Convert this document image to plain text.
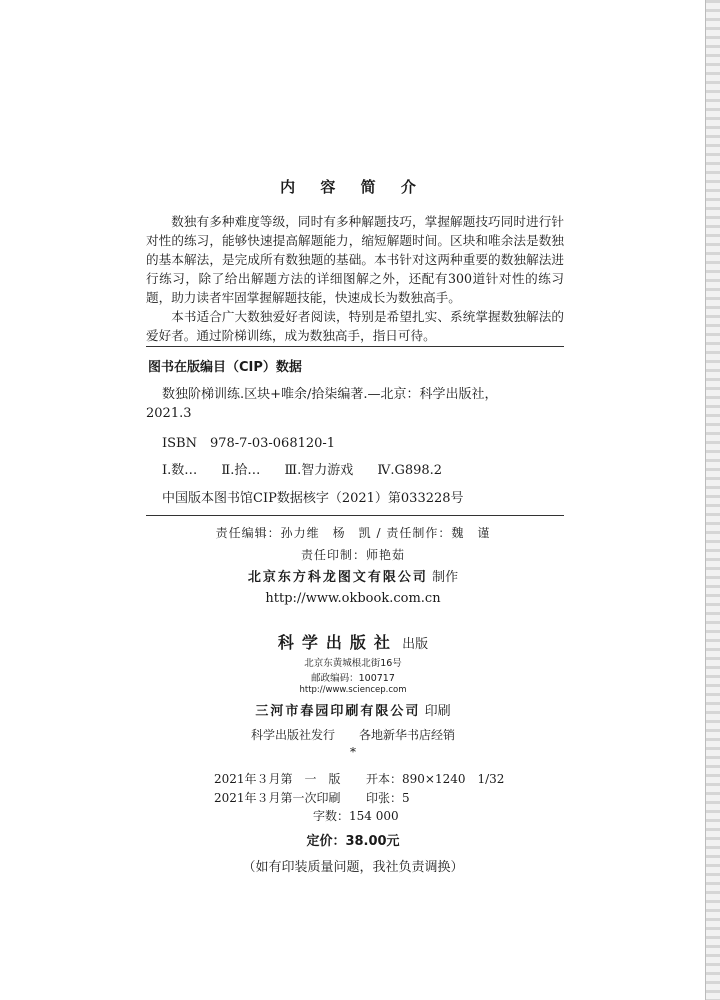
内 容 简 介

数独有多种难度等级，同时有多种解题技巧，掌握解题技巧同时进行针对性的练习，能够快速提高解题能力，缩短解题时间。区块和唯余法是数独的基本解法，是完成所有数独题的基础。本书针对这两种重要的数独解法进行练习，除了给出解题方法的详细图解之外，还配有300道针对性的练习题，助力读者牢固掌握解题技能，快速成长为数独高手。

本书适合广大数独爱好者阅读，特别是希望扎实、系统掌握数独解法的爱好者。通过阶梯训练，成为数独高手，指日可待。

图书在版编目（CIP）数据
数独阶梯训练.区块+唯余/拾柒编著.—北京：科学出版社，
2021.3
ISBN　978-7-03-068120-1
Ⅰ.数… Ⅱ.拾… Ⅲ.智力游戏 Ⅳ.G898.2
中国版本图书馆CIP数据核字（2021）第033228号
责任编辑：孙力维　杨　凯 / 责任制作：魏　谨
责任印制：师艳茹
北京东方科龙图文有限公司 制作
http://www.okbook.com.cn
科学出版社 出版
北京东黄城根北街16号
邮政编码：100717
http://www.sciencep.com
三河市春园印刷有限公司 印刷
科学出版社发行 各地新华书店经销
*
2021年３月第　一　版 开本：890×1240　1/32
2021年３月第一次印刷 印张：5
字数：154 000
定价：38.00元
（如有印装质量问题，我社负责调换）
